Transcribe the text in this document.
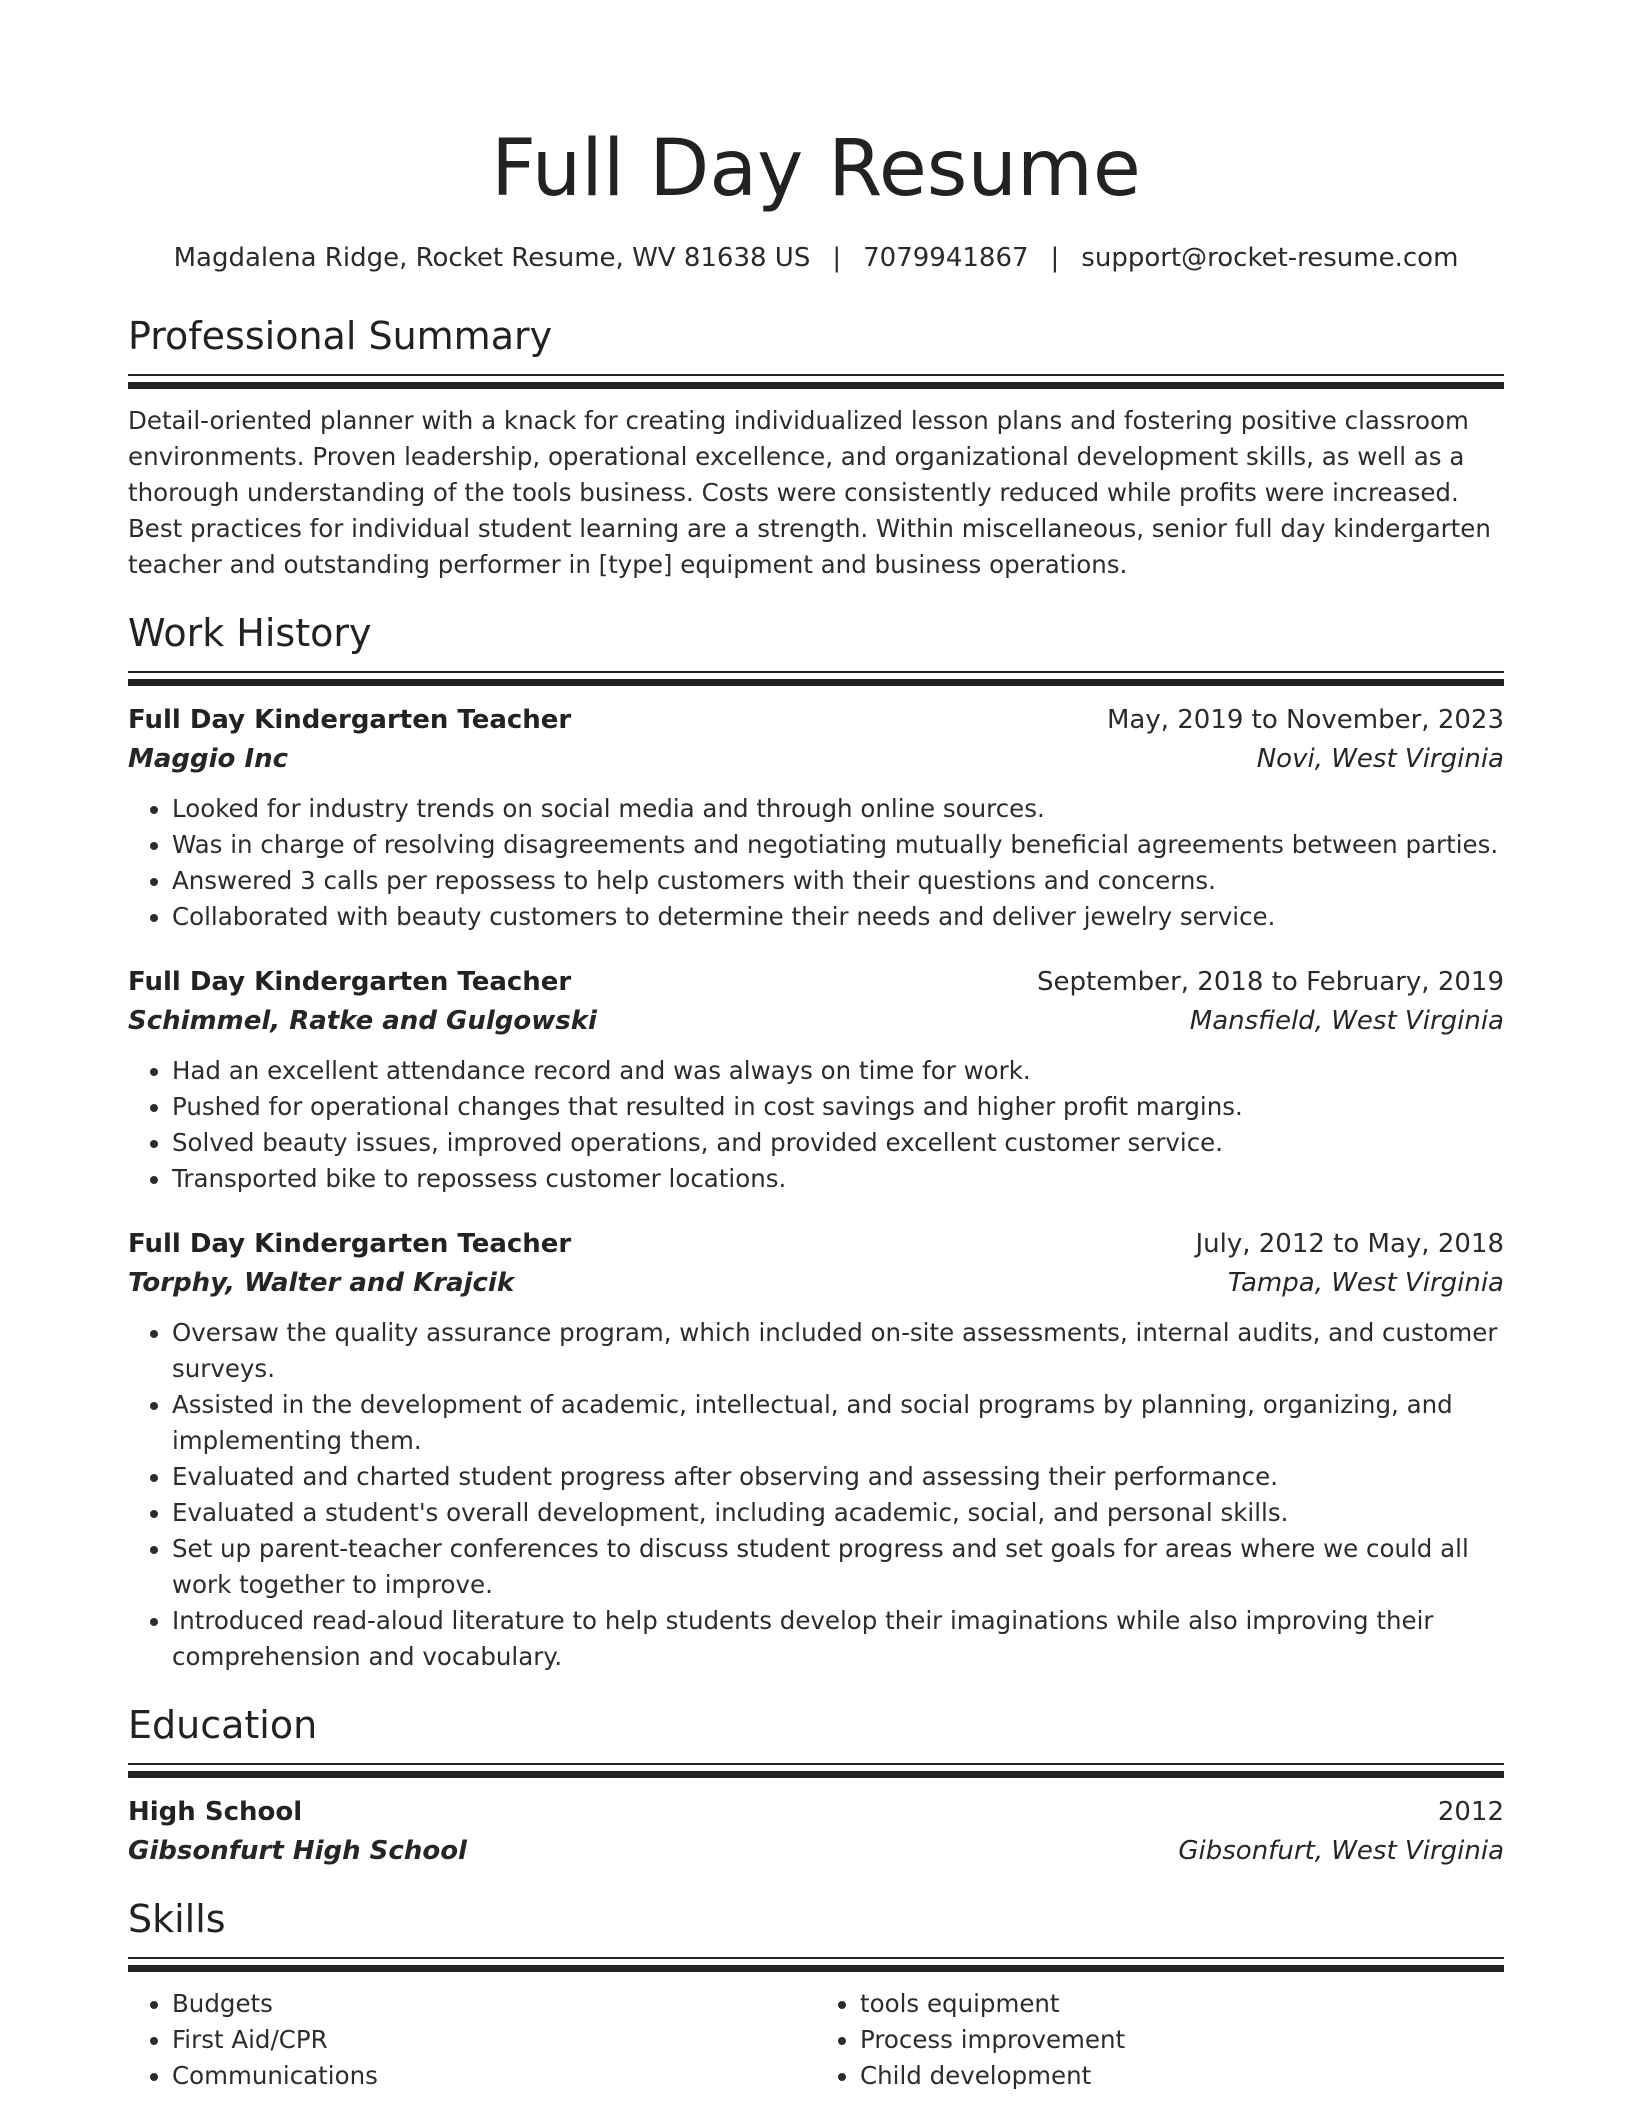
Full Day Resume
Magdalena Ridge, Rocket Resume, WV 81638 US | 7079941867 | support@rocket-resume.com
Professional Summary
Detail-oriented planner with a knack for creating individualized lesson plans and fostering positive classroom environments. Proven leadership, operational excellence, and organizational development skills, as well as a thorough understanding of the tools business. Costs were consistently reduced while profits were increased. Best practices for individual student learning are a strength. Within miscellaneous, senior full day kindergarten teacher and outstanding performer in [type] equipment and business operations.
Work History
Full Day Kindergarten Teacher	May, 2019 to November, 2023
Maggio Inc	Novi, West Virginia
• Looked for industry trends on social media and through online sources.
• Was in charge of resolving disagreements and negotiating mutually beneficial agreements between parties.
• Answered 3 calls per repossess to help customers with their questions and concerns.
• Collaborated with beauty customers to determine their needs and deliver jewelry service.
Full Day Kindergarten Teacher	September, 2018 to February, 2019
Schimmel, Ratke and Gulgowski	Mansfield, West Virginia
• Had an excellent attendance record and was always on time for work.
• Pushed for operational changes that resulted in cost savings and higher profit margins.
• Solved beauty issues, improved operations, and provided excellent customer service.
• Transported bike to repossess customer locations.
Full Day Kindergarten Teacher	July, 2012 to May, 2018
Torphy, Walter and Krajcik	Tampa, West Virginia
• Oversaw the quality assurance program, which included on-site assessments, internal audits, and customer surveys.
• Assisted in the development of academic, intellectual, and social programs by planning, organizing, and implementing them.
• Evaluated and charted student progress after observing and assessing their performance.
• Evaluated a student's overall development, including academic, social, and personal skills.
• Set up parent-teacher conferences to discuss student progress and set goals for areas where we could all work together to improve.
• Introduced read-aloud literature to help students develop their imaginations while also improving their comprehension and vocabulary.
Education
High School	2012
Gibsonfurt High School	Gibsonfurt, West Virginia
Skills
• Budgets
• First Aid/CPR
• Communications
• tools equipment
• Process improvement
• Child development
